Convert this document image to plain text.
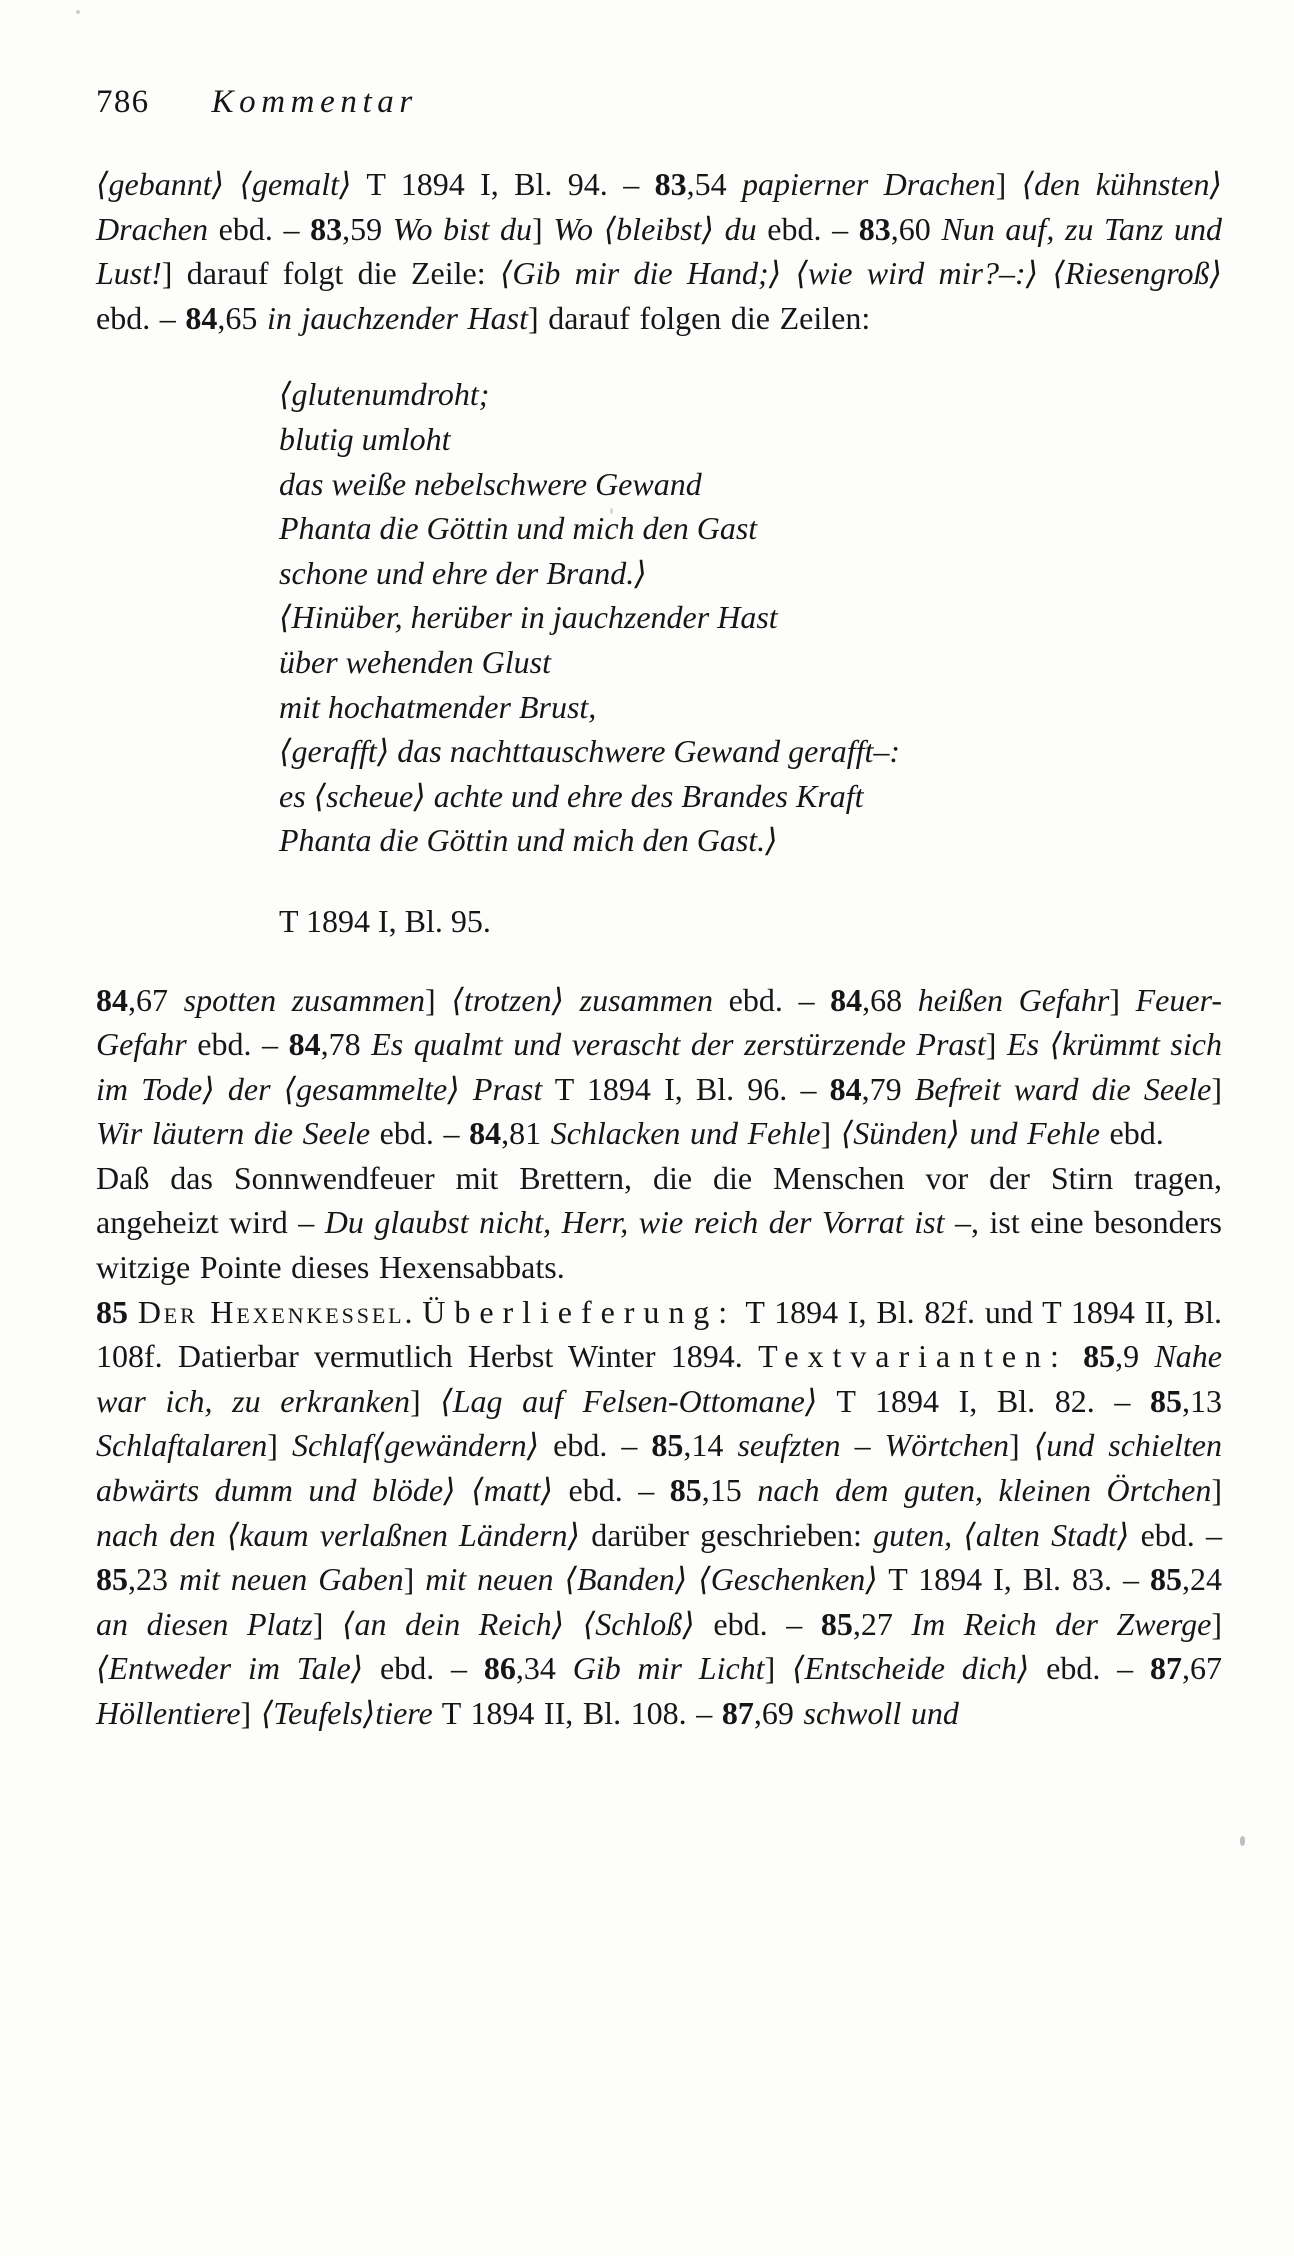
786 Kommentar

⟨gebannt⟩ ⟨gemalt⟩ T 1894 I, Bl. 94. – 83,54 papierner Drachen] ⟨den kühnsten⟩ Drachen ebd. – 83,59 Wo bist du] Wo ⟨bleibst⟩ du ebd. – 83,60 Nun auf, zu Tanz und Lust!] darauf folgt die Zeile: ⟨Gib mir die Hand;⟩ ⟨wie wird mir?–:⟩ ⟨Riesengroß⟩ ebd. – 84,65 in jauchzender Hast] darauf folgen die Zeilen:

⟨glutenumdroht;
blutig umloht
das weiße nebelschwere Gewand
Phanta die Göttin und mich den Gast
schone und ehre der Brand.⟩
⟨Hinüber, herüber in jauchzender Hast
über wehenden Glust
mit hochatmender Brust,
⟨gerafft⟩ das nachttauschwere Gewand gerafft–:
es ⟨scheue⟩ achte und ehre des Brandes Kraft
Phanta die Göttin und mich den Gast.⟩

T 1894 I, Bl. 95.

84,67 spotten zusammen] ⟨trotzen⟩ zusammen ebd. – 84,68 heißen Gefahr] Feuer-Gefahr ebd. – 84,78 Es qualmt und verascht der zerstürzende Prast] Es ⟨krümmt sich im Tode⟩ der ⟨gesammelte⟩ Prast T 1894 I, Bl. 96. – 84,79 Befreit ward die Seele] Wir läutern die Seele ebd. – 84,81 Schlacken und Fehle] ⟨Sünden⟩ und Fehle ebd.

Daß das Sonnwendfeuer mit Brettern, die die Menschen vor der Stirn tragen, angeheizt wird – Du glaubst nicht, Herr, wie reich der Vorrat ist –, ist eine besonders witzige Pointe dieses Hexensabbats.

85 Der Hexenkessel. Überlieferung: T 1894 I, Bl. 82f. und T 1894 II, Bl. 108f. Datierbar vermutlich Herbst Winter 1894. Textvarianten: 85,9 Nahe war ich, zu erkranken] ⟨Lag auf Felsen-Ottomane⟩ T 1894 I, Bl. 82. – 85,13 Schlaftalaren] Schlaf⟨gewändern⟩ ebd. – 85,14 seufzten – Wörtchen] ⟨und schielten abwärts dumm und blöde⟩ ⟨matt⟩ ebd. – 85,15 nach dem guten, kleinen Örtchen] nach den ⟨kaum verlaßnen Ländern⟩ darüber geschrieben: guten, ⟨alten Stadt⟩ ebd. – 85,23 mit neuen Gaben] mit neuen ⟨Banden⟩ ⟨Geschenken⟩ T 1894 I, Bl. 83. – 85,24 an diesen Platz] ⟨an dein Reich⟩ ⟨Schloß⟩ ebd. – 85,27 Im Reich der Zwerge] ⟨Entweder im Tale⟩ ebd. – 86,34 Gib mir Licht] ⟨Entscheide dich⟩ ebd. – 87,67 Höllentiere] ⟨Teufels⟩tiere T 1894 II, Bl. 108. – 87,69 schwoll und
